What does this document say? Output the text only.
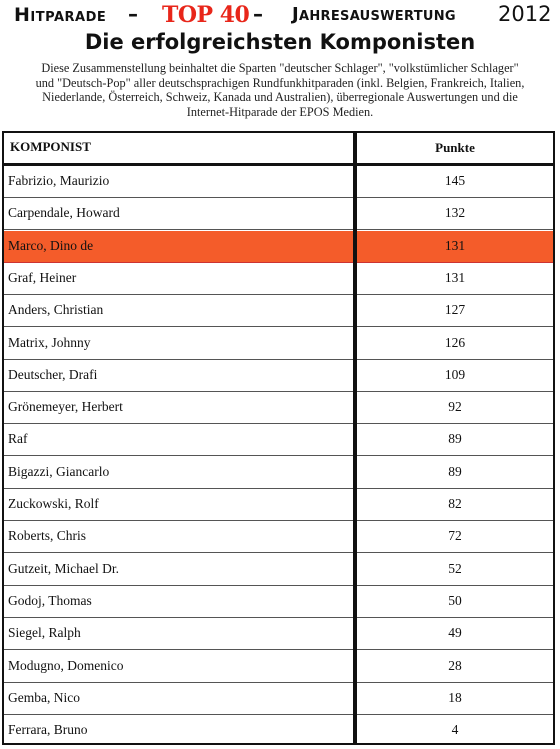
Hitparade – TOP 40 – Jahresauswertung 2012
Die erfolgreichsten Komponisten
Diese Zusammenstellung beinhaltet die Sparten "deutscher Schlager", "volkstümlicher Schlager"
und "Deutsch-Pop" aller deutschsprachigen Rundfunkhitparaden (inkl. Belgien, Frankreich, Italien,
Niederlande, Österreich, Schweiz, Kanada und Australien), überregionale Auswertungen und die
Internet-Hitparade der EPOS Medien.
KOMPONIST	Punkte
Fabrizio, Maurizio	145
Carpendale, Howard	132
Marco, Dino de	131
Graf, Heiner	131
Anders, Christian	127
Matrix, Johnny	126
Deutscher, Drafi	109
Grönemeyer, Herbert	92
Raf	89
Bigazzi, Giancarlo	89
Zuckowski, Rolf	82
Roberts, Chris	72
Gutzeit, Michael Dr.	52
Godoj, Thomas	50
Siegel, Ralph	49
Modugno, Domenico	28
Gemba, Nico	18
Ferrara, Bruno	4
